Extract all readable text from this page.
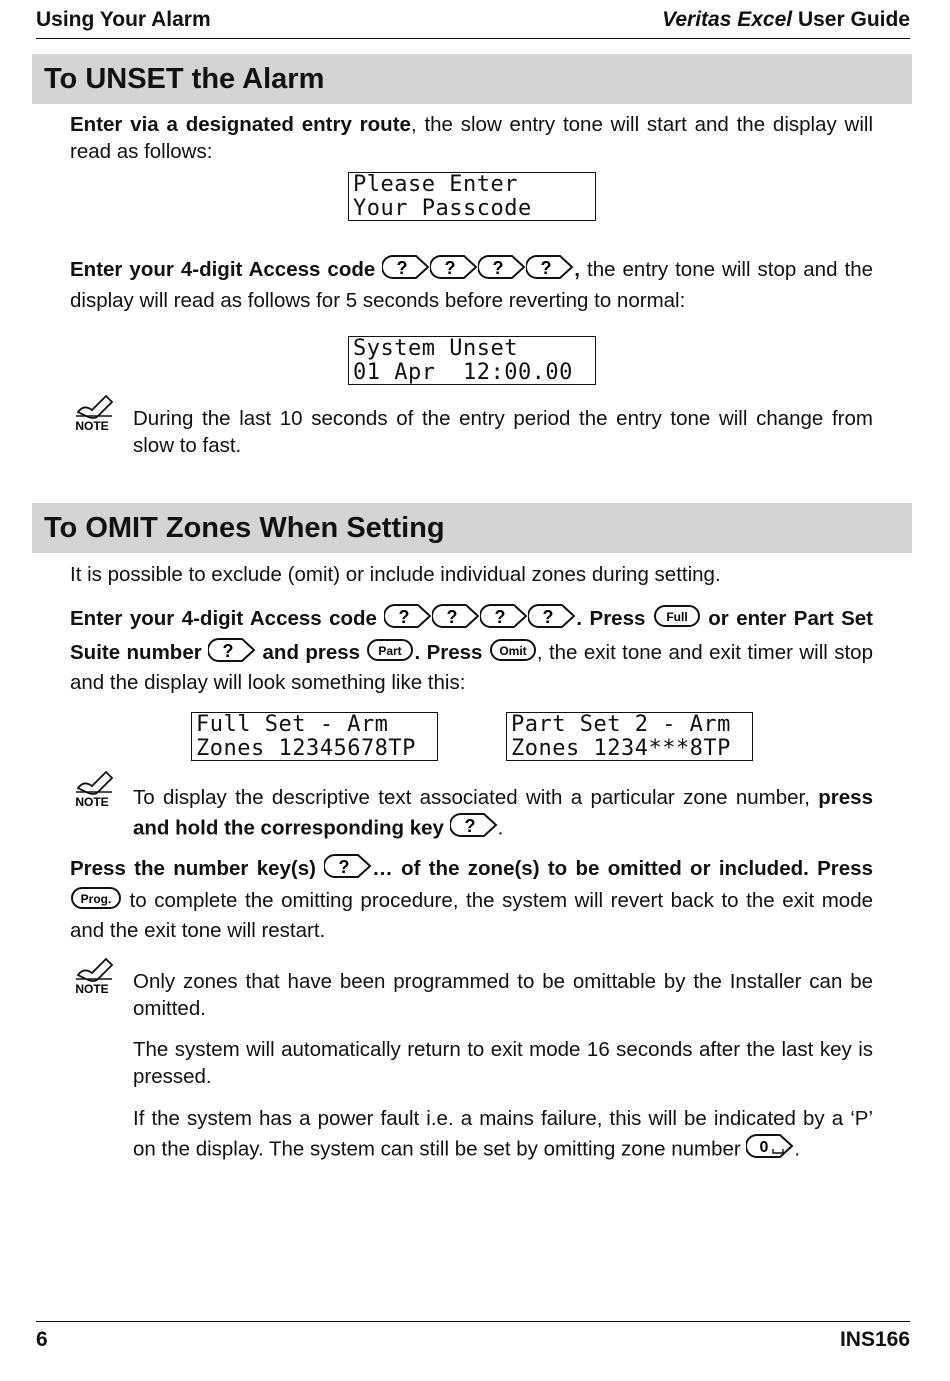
Using Your Alarm	Veritas Excel User Guide
To UNSET the Alarm
Enter via a designated entry route, the slow entry tone will start and the display will read as follows:
Please Enter
Your Passcode
Enter your 4-digit Access code ? ? ? ? , the entry tone will stop and the display will read as follows for 5 seconds before reverting to normal:
System Unset
01 Apr  12:00.00
NOTE During the last 10 seconds of the entry period the entry tone will change from slow to fast.
To OMIT Zones When Setting
It is possible to exclude (omit) or include individual zones during setting.
Enter your 4-digit Access code ? ? ? ? . Press Full or enter Part Set Suite number ? and press Part . Press Omit , the exit tone and exit timer will stop and the display will look something like this:
Full Set - Arm
Zones 12345678TP
Part Set 2 - Arm
Zones 1234***8TP
NOTE To display the descriptive text associated with a particular zone number, press and hold the corresponding key ? .
Press the number key(s) ? … of the zone(s) to be omitted or included. Press
Prog. to complete the omitting procedure, the system will revert back to the exit mode and the exit tone will restart.
NOTE Only zones that have been programmed to be omittable by the Installer can be omitted.
The system will automatically return to exit mode 16 seconds after the last key is pressed.
If the system has a power fault i.e. a mains failure, this will be indicated by a ‘P’ on the display. The system can still be set by omitting zone number 0 .
6	INS166
